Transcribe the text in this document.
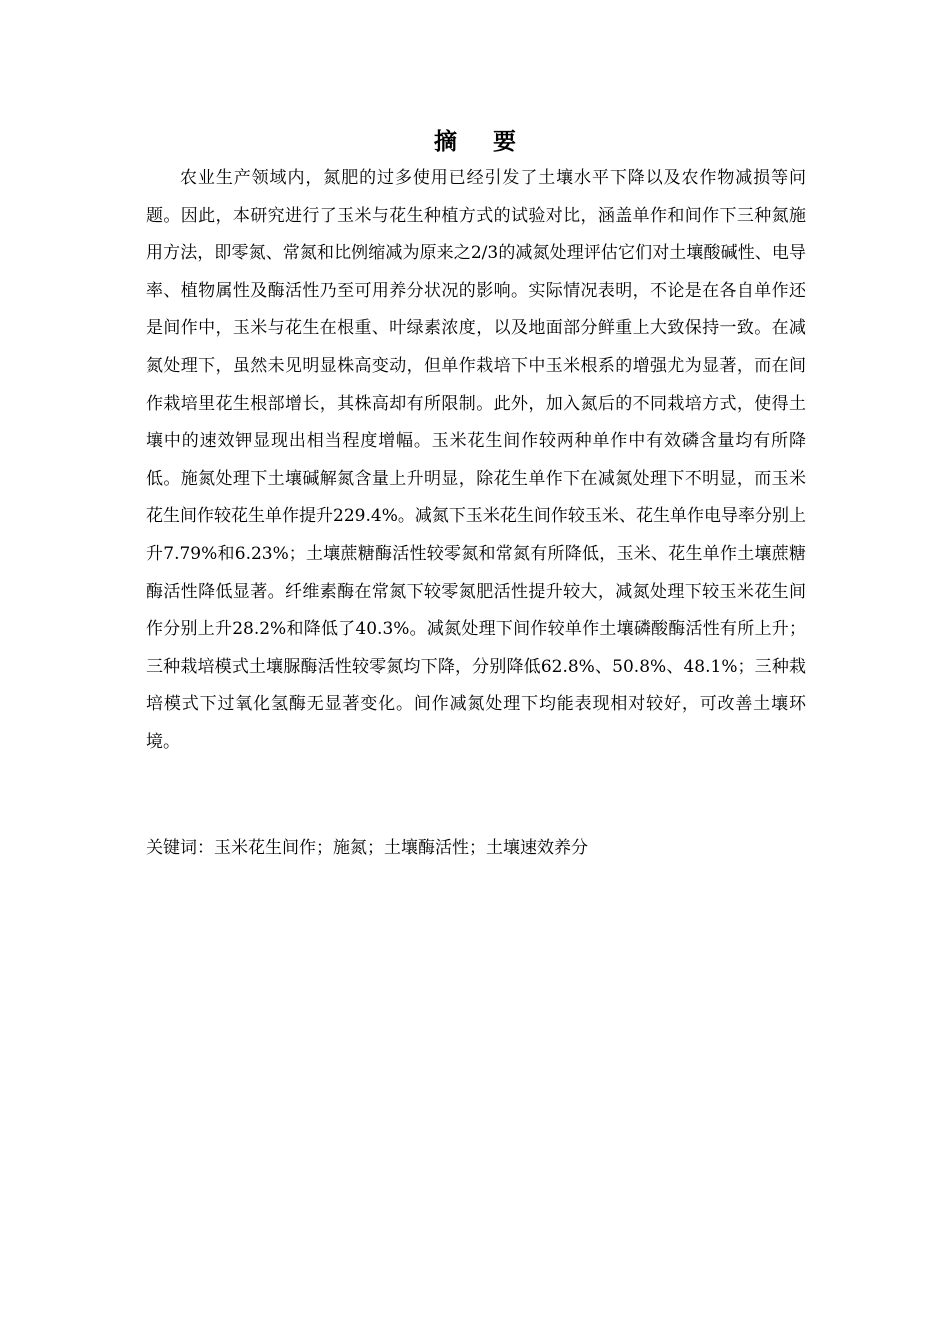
摘 要

农业生产领域内，氮肥的过多使用已经引发了土壤水平下降以及农作物减损等问题。因此，本研究进行了玉米与花生种植方式的试验对比，涵盖单作和间作下三种氮施用方法，即零氮、常氮和比例缩减为原来之2/3的减氮处理评估它们对土壤酸碱性、电导率、植物属性及酶活性乃至可用养分状况的影响。实际情况表明，不论是在各自单作还是间作中，玉米与花生在根重、叶绿素浓度，以及地面部分鲜重上大致保持一致。在减氮处理下，虽然未见明显株高变动，但单作栽培下中玉米根系的增强尤为显著，而在间作栽培里花生根部增长，其株高却有所限制。此外，加入氮后的不同栽培方式，使得土壤中的速效钾显现出相当程度增幅。玉米花生间作较两种单作中有效磷含量均有所降低。施氮处理下土壤碱解氮含量上升明显，除花生单作下在减氮处理下不明显，而玉米花生间作较花生单作提升229.4%。减氮下玉米花生间作较玉米、花生单作电导率分别上升7.79%和6.23%；土壤蔗糖酶活性较零氮和常氮有所降低，玉米、花生单作土壤蔗糖酶活性降低显著。纤维素酶在常氮下较零氮肥活性提升较大，减氮处理下较玉米花生间作分别上升28.2%和降低了40.3%。减氮处理下间作较单作土壤磷酸酶活性有所上升；三种栽培模式土壤脲酶活性较零氮均下降，分别降低62.8%、50.8%、48.1%；三种栽培模式下过氧化氢酶无显著变化。间作减氮处理下均能表现相对较好，可改善土壤环境。

关键词：玉米花生间作；施氮；土壤酶活性；土壤速效养分
